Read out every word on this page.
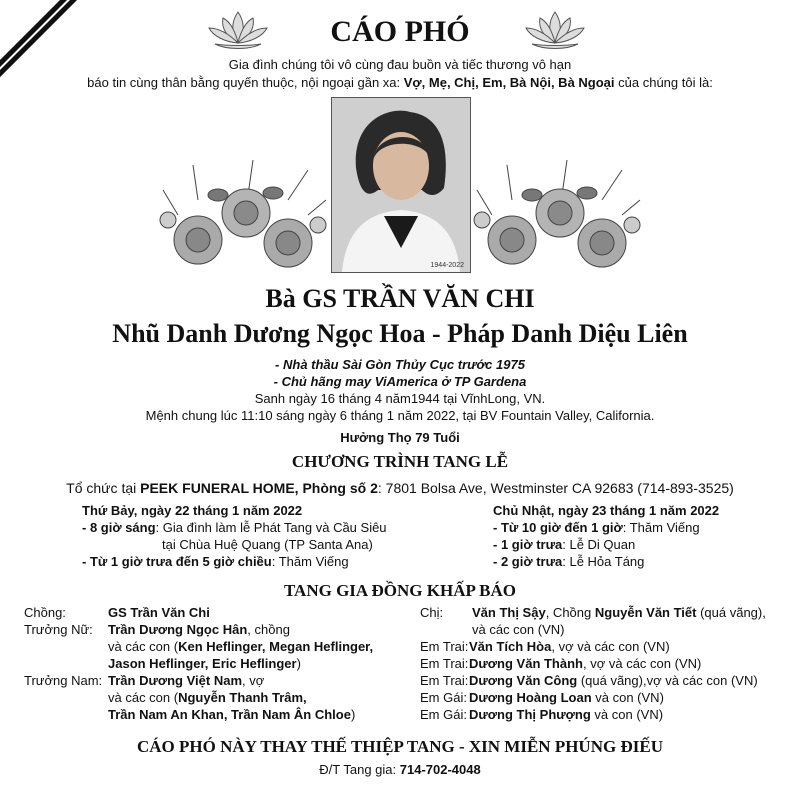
CÁO PHÓ
Gia đình chúng tôi vô cùng đau buồn và tiếc thương vô hạn
báo tin cùng thân bằng quyến thuộc, nội ngoại gần xa: Vợ, Mẹ, Chị, Em, Bà Nội, Bà Ngoại của chúng tôi là:
1944-2022
Bà GS TRẦN VĂN CHI
Nhũ Danh Dương Ngọc Hoa - Pháp Danh Diệu Liên
- Nhà thầu Sài Gòn Thủy Cục trước 1975
- Chủ hãng may ViAmerica ở TP Gardena
Sanh ngày 16 tháng 4 năm1944 tại VĩnhLong, VN.
Mệnh chung lúc 11:10 sáng ngày 6 tháng 1 năm 2022, tại BV Fountain Valley, California.
Hưởng Thọ 79 Tuổi
CHƯƠNG TRÌNH TANG LỄ
Tổ chức tại PEEK FUNERAL HOME, Phòng số 2: 7801 Bolsa Ave, Westminster CA 92683 (714-893-3525)
Thứ Bảy, ngày 22 tháng 1 năm 2022
- 8 giờ sáng: Gia đình làm lễ Phát Tang và Cầu Siêu
tại Chùa Huệ Quang (TP Santa Ana)
- Từ 1 giờ trưa đến 5 giờ chiều: Thăm Viếng
Chủ Nhật, ngày 23 tháng 1 năm 2022
- Từ 10 giờ đến 1 giờ: Thăm Viếng
- 1 giờ trưa: Lễ Di Quan
- 2 giờ trưa: Lễ Hỏa Táng
TANG GIA ĐỒNG KHẤP BÁO
Chồng:	GS Trần Văn Chi
Trưởng Nữ: Trần Dương Ngọc Hân, chồng
và các con (Ken Heflinger, Megan Heflinger,
Jason Heflinger, Eric Heflinger)
Trưởng Nam: Trần Dương Việt Nam, vợ
và các con (Nguyễn Thanh Trâm,
Trần Nam An Khan, Trần Nam Ân Chloe)
Chị: Văn Thị Sậy, Chồng Nguyễn Văn Tiết (quá vãng),
và các con (VN)
Em Trai: Văn Tích Hòa, vợ và các con (VN)
Em Trai: Dương Văn Thành, vợ và các con (VN)
Em Trai: Dương Văn Công (quá vãng),vợ và các con (VN)
Em Gái: Dương Hoàng Loan và con (VN)
Em Gái: Dương Thị Phượng và con (VN)
CÁO PHÓ NÀY THAY THẾ THIỆP TANG - XIN MIỄN PHÚNG ĐIẾU
Đ/T Tang gia: 714-702-4048
